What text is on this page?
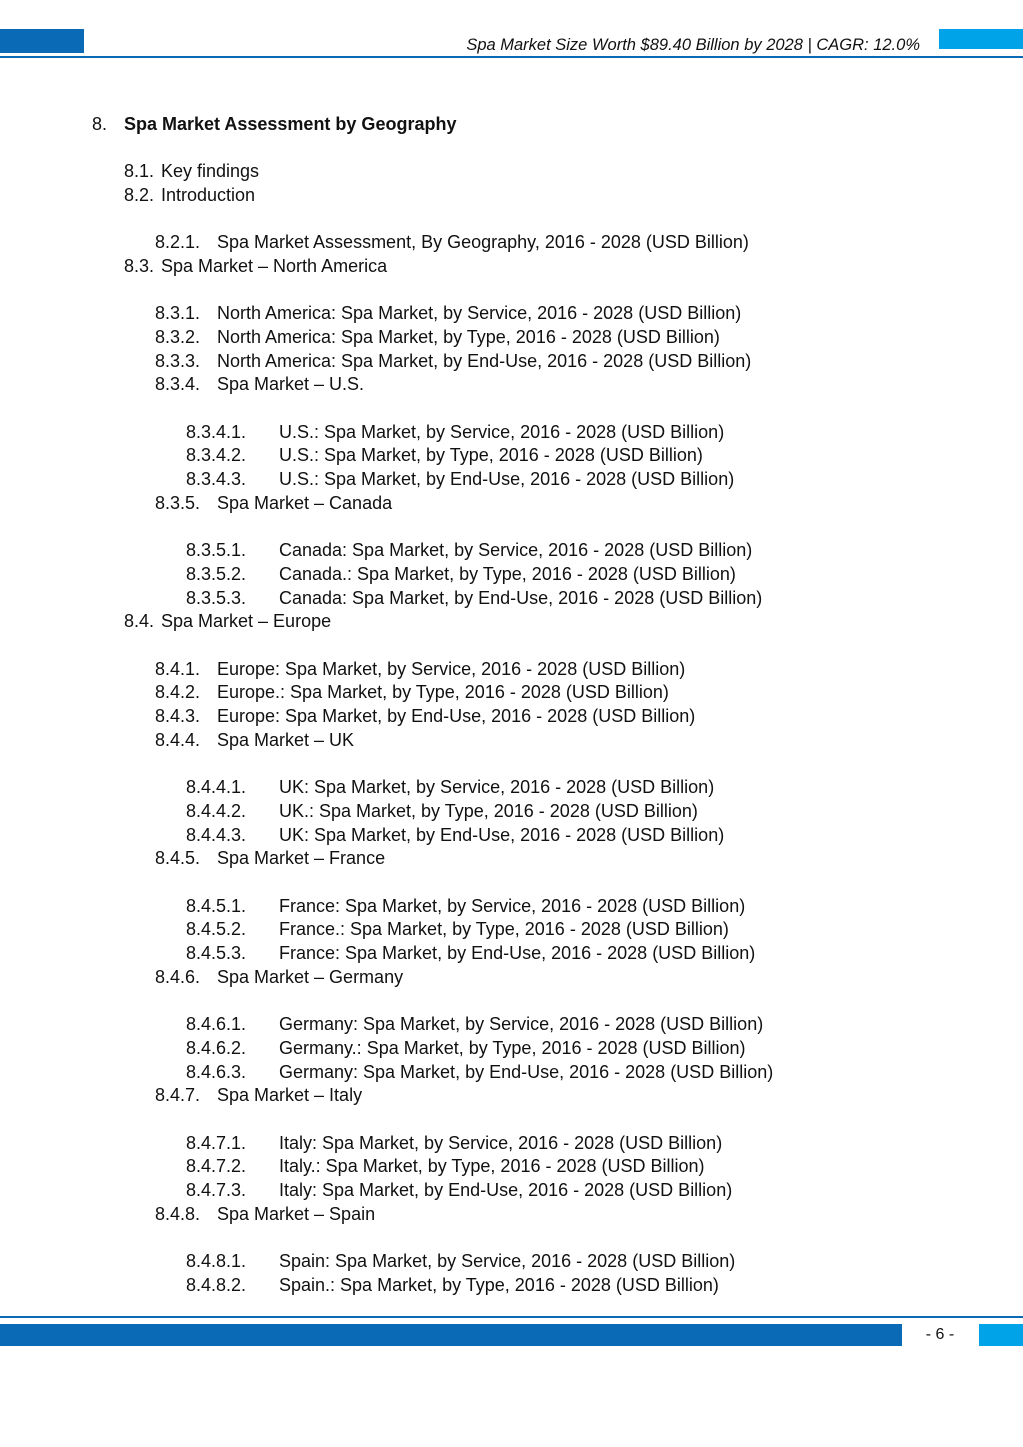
Spa Market Size Worth $89.40 Billion by 2028 | CAGR: 12.0%
8. Spa Market Assessment by Geography
8.1. Key findings
8.2. Introduction
8.2.1. Spa Market Assessment, By Geography, 2016 - 2028 (USD Billion)
8.3. Spa Market – North America
8.3.1. North America: Spa Market, by Service, 2016 - 2028 (USD Billion)
8.3.2. North America: Spa Market, by Type, 2016 - 2028 (USD Billion)
8.3.3. North America: Spa Market, by End-Use, 2016 - 2028 (USD Billion)
8.3.4. Spa Market – U.S.
8.3.4.1. U.S.: Spa Market, by Service, 2016 - 2028 (USD Billion)
8.3.4.2. U.S.: Spa Market, by Type, 2016 - 2028 (USD Billion)
8.3.4.3. U.S.: Spa Market, by End-Use, 2016 - 2028 (USD Billion)
8.3.5. Spa Market – Canada
8.3.5.1. Canada: Spa Market, by Service, 2016 - 2028 (USD Billion)
8.3.5.2. Canada.: Spa Market, by Type, 2016 - 2028 (USD Billion)
8.3.5.3. Canada: Spa Market, by End-Use, 2016 - 2028 (USD Billion)
8.4. Spa Market – Europe
8.4.1. Europe: Spa Market, by Service, 2016 - 2028 (USD Billion)
8.4.2. Europe.: Spa Market, by Type, 2016 - 2028 (USD Billion)
8.4.3. Europe: Spa Market, by End-Use, 2016 - 2028 (USD Billion)
8.4.4. Spa Market – UK
8.4.4.1. UK: Spa Market, by Service, 2016 - 2028 (USD Billion)
8.4.4.2. UK.: Spa Market, by Type, 2016 - 2028 (USD Billion)
8.4.4.3. UK: Spa Market, by End-Use, 2016 - 2028 (USD Billion)
8.4.5. Spa Market – France
8.4.5.1. France: Spa Market, by Service, 2016 - 2028 (USD Billion)
8.4.5.2. France.: Spa Market, by Type, 2016 - 2028 (USD Billion)
8.4.5.3. France: Spa Market, by End-Use, 2016 - 2028 (USD Billion)
8.4.6. Spa Market – Germany
8.4.6.1. Germany: Spa Market, by Service, 2016 - 2028 (USD Billion)
8.4.6.2. Germany.: Spa Market, by Type, 2016 - 2028 (USD Billion)
8.4.6.3. Germany: Spa Market, by End-Use, 2016 - 2028 (USD Billion)
8.4.7. Spa Market – Italy
8.4.7.1. Italy: Spa Market, by Service, 2016 - 2028 (USD Billion)
8.4.7.2. Italy.: Spa Market, by Type, 2016 - 2028 (USD Billion)
8.4.7.3. Italy: Spa Market, by End-Use, 2016 - 2028 (USD Billion)
8.4.8. Spa Market – Spain
8.4.8.1. Spain: Spa Market, by Service, 2016 - 2028 (USD Billion)
8.4.8.2. Spain.: Spa Market, by Type, 2016 - 2028 (USD Billion)
- 6 -
